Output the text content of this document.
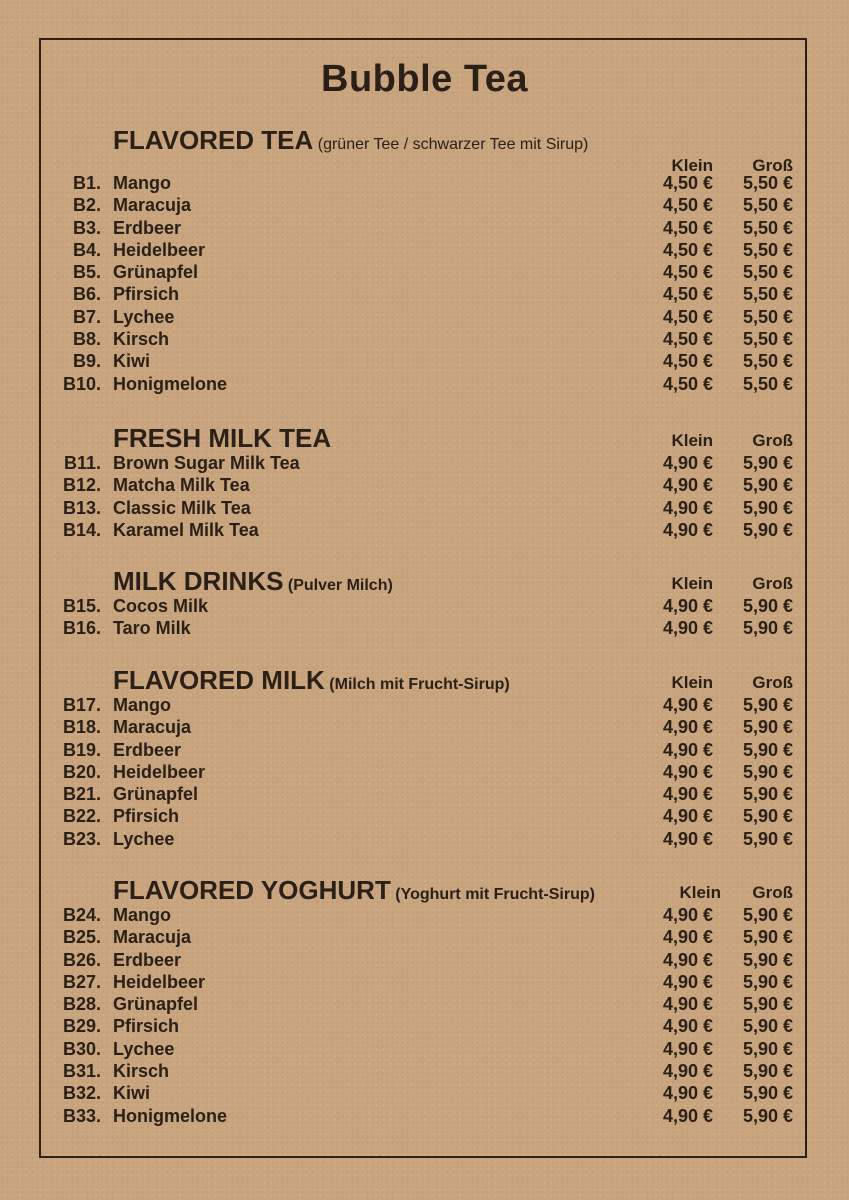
Bubble Tea
FLAVORED TEA (grüner Tee / schwarzer Tee mit Sirup)
Klein Groß
B1. Mango	4,50 € 5,50 €
B2. Maracuja	4,50 € 5,50 €
B3. Erdbeer	4,50 € 5,50 €
B4. Heidelbeer	4,50 € 5,50 €
B5. Grünapfel	4,50 € 5,50 €
B6. Pfirsich	4,50 € 5,50 €
B7. Lychee	4,50 € 5,50 €
B8. Kirsch	4,50 € 5,50 €
B9. Kiwi	4,50 € 5,50 €
B10. Honigmelone	4,50 € 5,50 €
FRESH MILK TEA	Klein Groß
B11. Brown Sugar Milk Tea	4,90 € 5,90 €
B12. Matcha Milk Tea	4,90 € 5,90 €
B13. Classic Milk Tea	4,90 € 5,90 €
B14. Karamel Milk Tea	4,90 € 5,90 €
MILK DRINKS (Pulver Milch)	Klein Groß
B15. Cocos Milk	4,90 € 5,90 €
B16. Taro Milk	4,90 € 5,90 €
FLAVORED MILK (Milch mit Frucht-Sirup)	Klein Groß
B17. Mango	4,90 € 5,90 €
B18. Maracuja	4,90 € 5,90 €
B19. Erdbeer	4,90 € 5,90 €
B20. Heidelbeer	4,90 € 5,90 €
B21. Grünapfel	4,90 € 5,90 €
B22. Pfirsich	4,90 € 5,90 €
B23. Lychee	4,90 € 5,90 €
FLAVORED YOGHURT (Yoghurt mit Frucht-Sirup)	Klein Groß
B24. Mango	4,90 € 5,90 €
B25. Maracuja	4,90 € 5,90 €
B26. Erdbeer	4,90 € 5,90 €
B27. Heidelbeer	4,90 € 5,90 €
B28. Grünapfel	4,90 € 5,90 €
B29. Pfirsich	4,90 € 5,90 €
B30. Lychee	4,90 € 5,90 €
B31. Kirsch	4,90 € 5,90 €
B32. Kiwi	4,90 € 5,90 €
B33. Honigmelone	4,90 € 5,90 €
